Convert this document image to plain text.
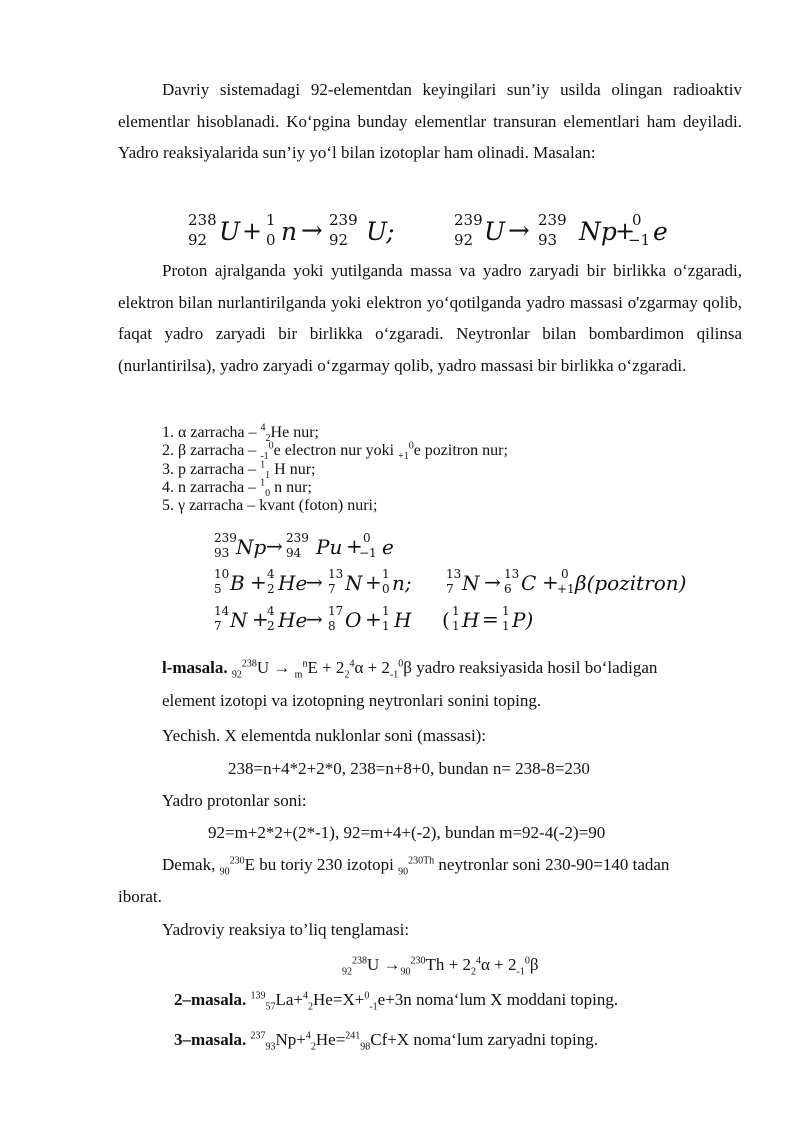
Davriy sistemadagi 92-elementdan keyingilari sun’iy usilda olingan radioaktiv elementlar hisoblanadi. Ko‘pgina bunday elementlar transuran elementlari ham deyiladi. Yadro reaksiyalarida sun’iy yo‘l bilan izotoplar ham olinadi. Masalan:
238
92 U + 1
0 n → 239
92 U;	239
92 U → 239
93 Np
+
0
−1 e
Proton ajralganda yoki yutilganda massa va yadro zaryadi bir birlikka o‘zgaradi, elektron bilan nurlantirilganda yoki elektron yo‘qotilganda yadro massasi o'zgarmay qolib, faqat yadro zaryadi bir birlikka o‘zgaradi. Neytronlar bilan bombardimon qilinsa (nurlantirilsa), yadro zaryadi o‘zgarmay qolib, yadro massasi bir birlikka o‘zgaradi.
1. α zarracha – $^4_2$He nur;
2. β zarracha – $_{-1}^0$e electron nur yoki $_{+1}^0$e pozitron nur;
3. p zarracha – $^1_1$ H nur;
4. n zarracha – $^1_0$ n nur;
5. γ zarracha – kvant (foton) nuri;
239
93 Np → 239
94 Pu + 0
−1 e
10
5 B + 4
2 He
→ 13
7 N + 1
0 n;	13
7 N → 13
6 C + 0
+1 β(pozitron)
14
7 N +
4
2 He
→ 17
8 O + 1
1 H ( 1
1 H = 1
1 P)
l-masala. $_{92}^{238}U \to _m^nE + 2_2^4\alpha + 2_{-1}^0\beta$ yadro reaksiyasida hosil bo‘ladigan
element izotopi va izotopning neytronlari sonini toping.
Yechish. X elementda nuklonlar soni (massasi):
238=n+4*2+2*0, 238=n+8+0, bundan n= 238-8=230
Yadro protonlar soni:
92=m+2*2+(2*-1), 92=m+4+(-2), bundan m=92-4(-2)=90
Demak, $_{90}^{230}$E bu toriy 230 izotopi $_{90}^{230Th}$ neytronlar soni 230-90=140 tadan
iborat.
Yadroviy reaksiya to’liq tenglamasi:
$_{92}^{238}U \to_{90}^{230}Th + 2_2^4\alpha + 2_{-1}^0\beta$
2–masala. $^{139}_{57}$La+$^4_2$He=X+$^0_{-1}$e+3n noma‘lum X moddani toping.
3–masala. $^{237}_{93}$Np+$^4_2$He=$^{241}_{98}$Cf+X noma‘lum zaryadni toping.
